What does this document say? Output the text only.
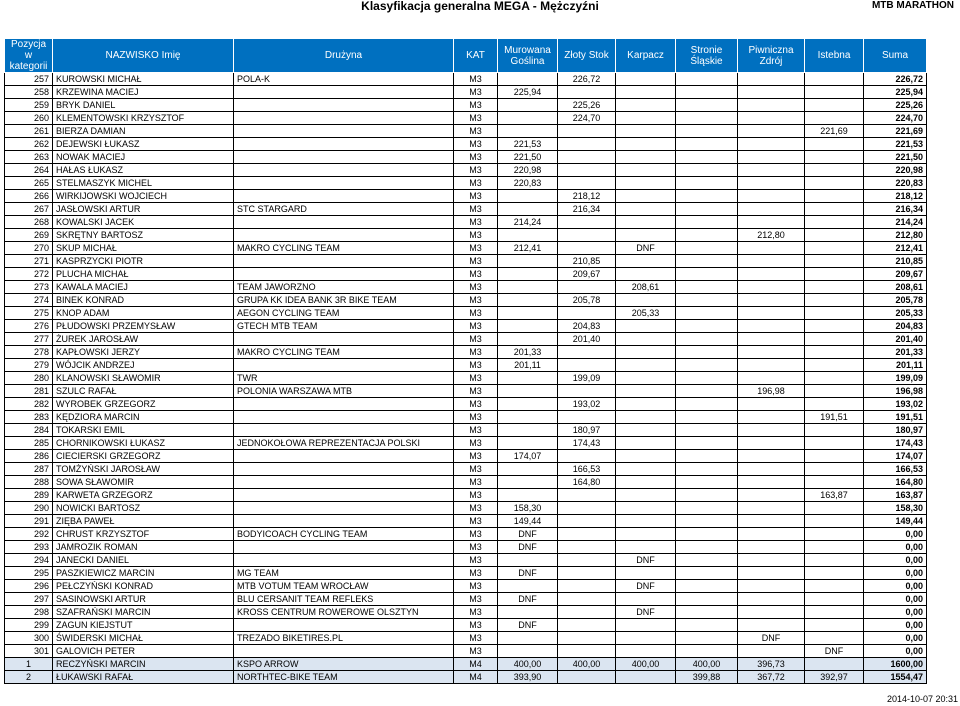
Klasyfikacja generalna MEGA - Mężczyźni	MTB MARATHON
Pozycja w
kategorii	NAZWISKO Imię	Drużyna	KAT	Murowana
Goślina	Złoty Stok	Karpacz	Stronie Śląskie	Piwniczna
Zdrój	Istebna	Suma
257	KUROWSKI MICHAŁ	POLA-K	M3		226,72					226,72
258	KRZEWINA MACIEJ		M3	225,94						225,94
259	BRYK DANIEL		M3		225,26					225,26
260	KLEMENTOWSKI KRZYSZTOF		M3		224,70					224,70
261	BIERZA DAMIAN		M3						221,69	221,69
262	DEJEWSKI ŁUKASZ		M3	221,53						221,53
263	NOWAK MACIEJ		M3	221,50						221,50
264	HAŁAS ŁUKASZ		M3	220,98						220,98
265	STELMASZYK MICHEL		M3	220,83						220,83
266	WIRKIJOWSKI WOJCIECH		M3		218,12					218,12
267	JASŁOWSKI ARTUR	STC STARGARD	M3		216,34					216,34
268	KOWALSKI JACEK		M3	214,24						214,24
269	SKRĘTNY BARTOSZ		M3					212,80		212,80
270	SKUP MICHAŁ	MAKRO CYCLING TEAM	M3	212,41		DNF				212,41
271	KASPRZYCKI PIOTR		M3		210,85					210,85
272	PLUCHA MICHAŁ		M3		209,67					209,67
273	KAWALA MACIEJ	TEAM JAWORZNO	M3			208,61				208,61
274	BINEK KONRAD	GRUPA KK IDEA BANK 3R BIKE TEAM	M3		205,78					205,78
275	KNOP ADAM	AEGON CYCLING TEAM	M3			205,33				205,33
276	PŁUDOWSKI PRZEMYSŁAW	GTECH MTB TEAM	M3		204,83					204,83
277	ŻUREK JAROSŁAW		M3		201,40					201,40
278	KAPŁOWSKI JERZY	MAKRO CYCLING TEAM	M3	201,33						201,33
279	WÓJCIK ANDRZEJ		M3	201,11						201,11
280	KLANOWSKI SŁAWOMIR	TWR	M3		199,09					199,09
281	SZULC RAFAŁ	POLONIA WARSZAWA MTB	M3					196,98		196,98
282	WYROBEK GRZEGORZ		M3		193,02					193,02
283	KĘDZIORA MARCIN		M3						191,51	191,51
284	TOKARSKI EMIL		M3		180,97					180,97
285	CHORNIKOWSKI ŁUKASZ	JEDNOKOŁOWA REPREZENTACJA POLSKI	M3		174,43					174,43
286	CIECIERSKI GRZEGORZ		M3	174,07						174,07
287	TOMŻYŃSKI JAROSŁAW		M3		166,53					166,53
288	SOWA SŁAWOMIR		M3		164,80					164,80
289	KARWETA GRZEGORZ		M3						163,87	163,87
290	NOWICKI BARTOSZ		M3	158,30						158,30
291	ZIĘBA PAWEŁ		M3	149,44						149,44
292	CHRUST KRZYSZTOF	BODYICOACH CYCLING TEAM	M3	DNF						0,00
293	JAMROZIK ROMAN		M3	DNF						0,00
294	JANECKI DANIEL		M3			DNF				0,00
295	PASZKIEWICZ MARCIN	MG TEAM	M3	DNF						0,00
296	PEŁCZYŃSKI KONRAD	MTB VOTUM TEAM WROCŁAW	M3			DNF				0,00
297	SASINOWSKI ARTUR	BLU CERSANIT TEAM REFLEKS	M3	DNF						0,00
298	SZAFRAŃSKI MARCIN	KROSS CENTRUM ROWEROWE OLSZTYN	M3			DNF				0,00
299	ZAGUN KIEJSTUT		M3	DNF						0,00
300	ŚWIDERSKI MICHAŁ	TREZADO BIKETIRES.PL	M3					DNF		0,00
301	GALOVICH PETER		M3						DNF	0,00
1	RECZYŃSKI MARCIN	KSPO ARROW	M4	400,00	400,00	400,00	400,00	396,73		1600,00
2	ŁUKAWSKI RAFAŁ	NORTHTEC-BIKE TEAM	M4	393,90			399,88	367,72	392,97	1554,47
2014-10-07 20:31
